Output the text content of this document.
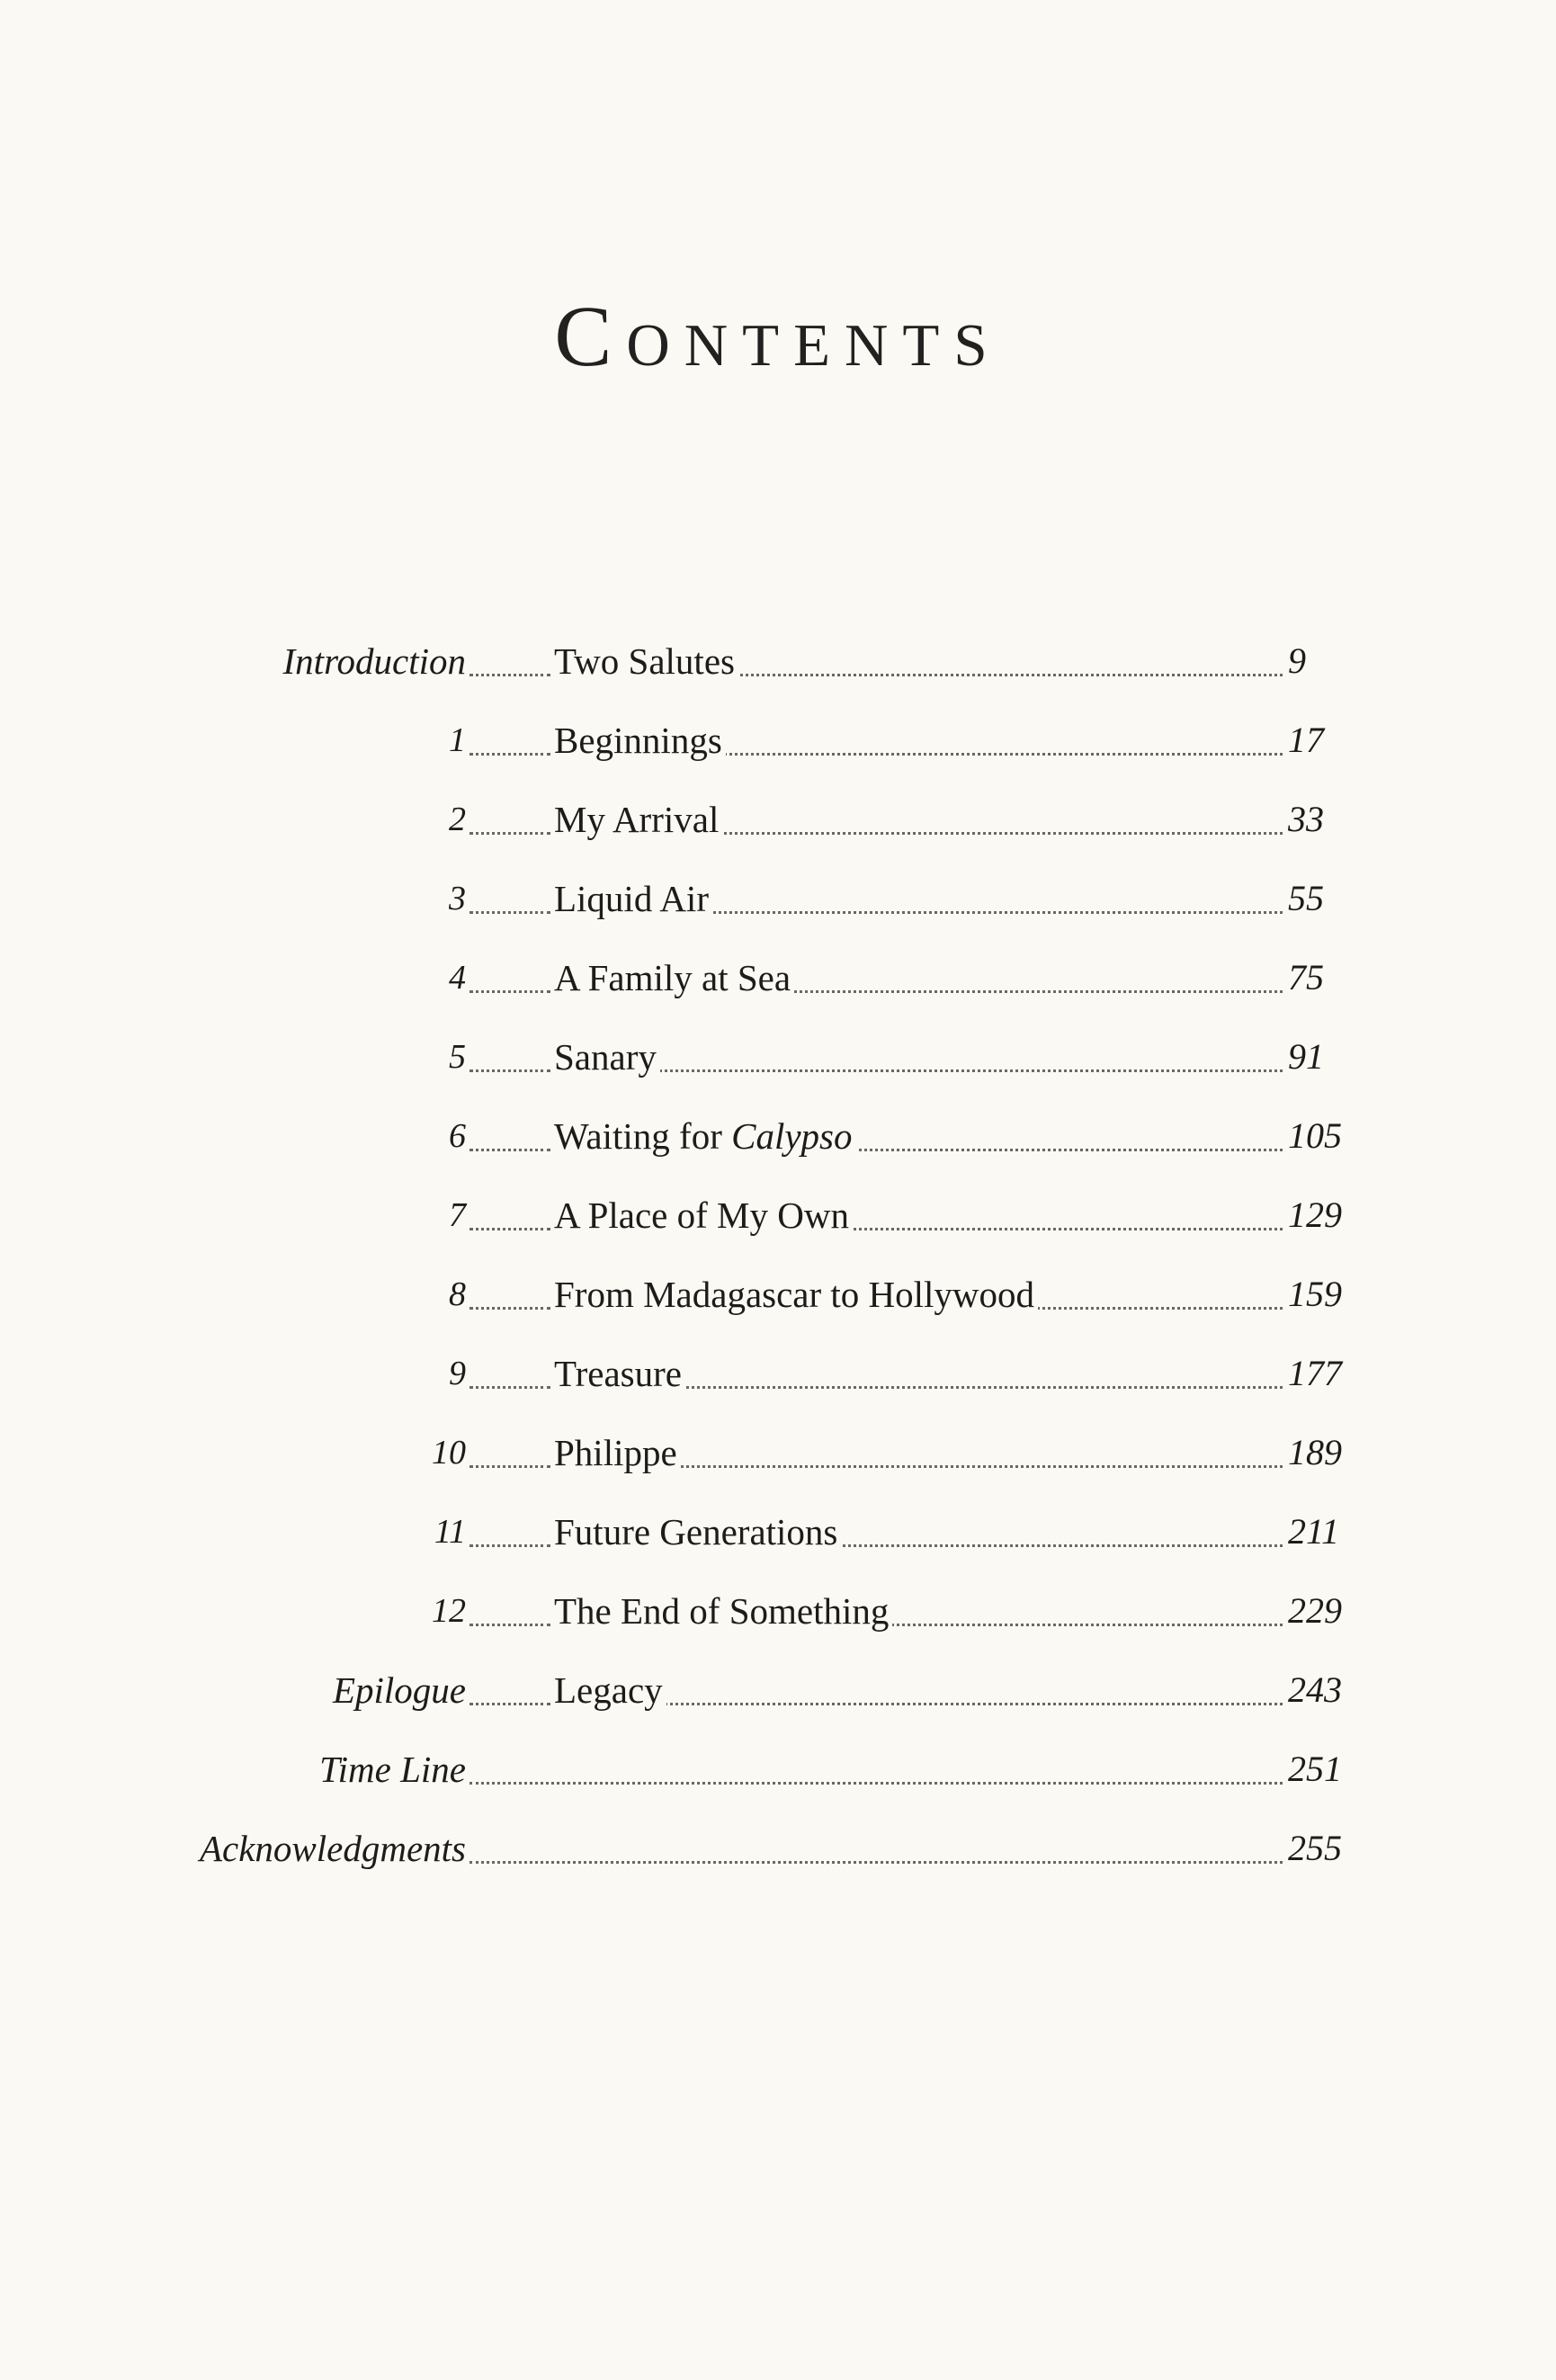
Contents
Introduction Two Salutes	9
1 Beginnings	17
2 My Arrival	33
3 Liquid Air	55
4 A Family at Sea	75
5 Sanary	91
6 Waiting for Calypso	105
7 A Place of My Own	129
8 From Madagascar to Hollywood	159
9 Treasure	177
10 Philippe	189
11 Future Generations	211
12 The End of Something	229
Epilogue Legacy	243
Time Line	251
Acknowledgments	255
